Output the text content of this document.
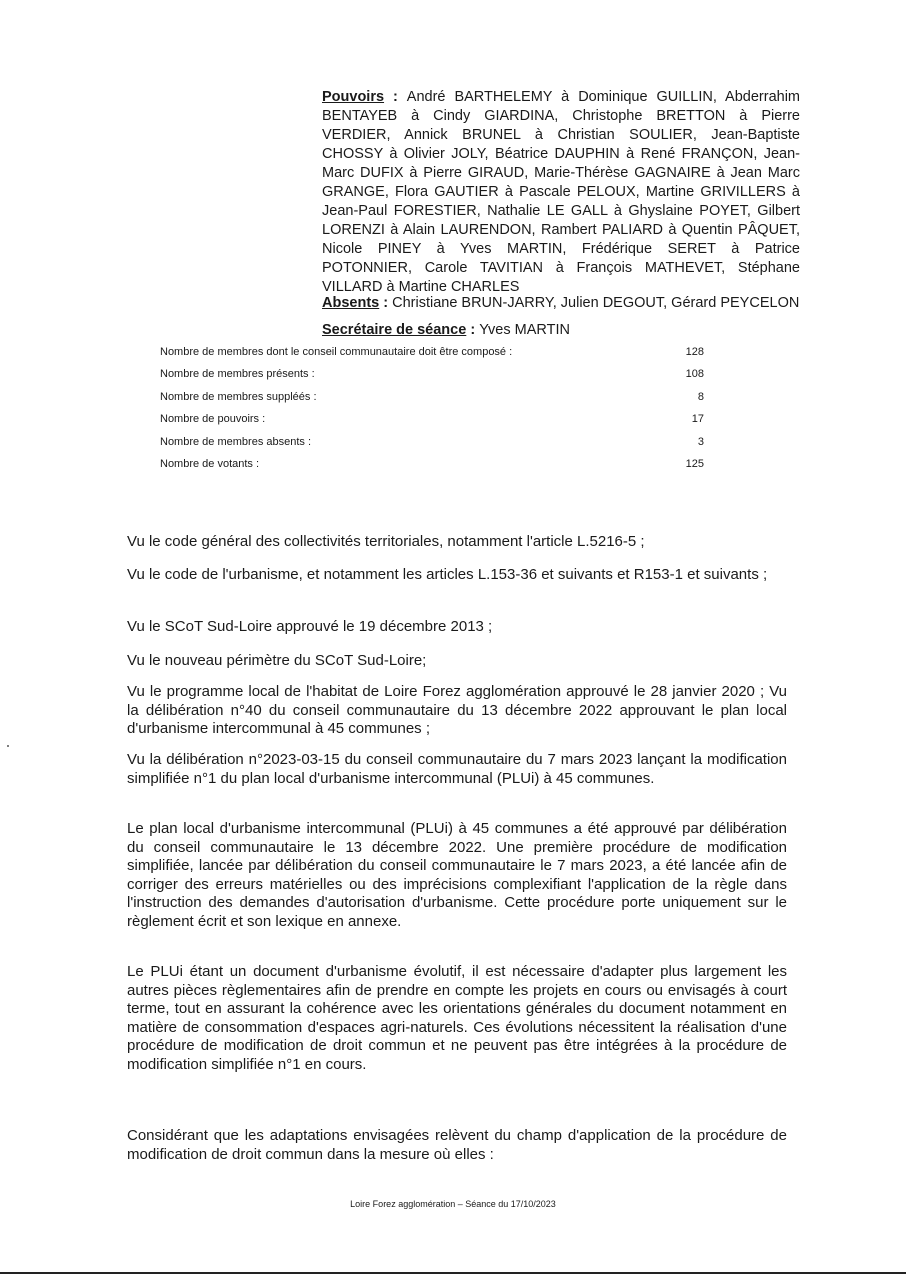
Pouvoirs : André BARTHELEMY à Dominique GUILLIN, Abderrahim BENTAYEB à Cindy GIARDINA, Christophe BRETTON à Pierre VERDIER, Annick BRUNEL à Christian SOULIER, Jean-Baptiste CHOSSY à Olivier JOLY, Béatrice DAUPHIN à René FRANÇON, Jean-Marc DUFIX à Pierre GIRAUD, Marie-Thérèse GAGNAIRE à Jean Marc GRANGE, Flora GAUTIER à Pascale PELOUX, Martine GRIVILLERS à Jean-Paul FORESTIER, Nathalie LE GALL à Ghyslaine POYET, Gilbert LORENZI à Alain LAURENDON, Rambert PALIARD à Quentin PÂQUET, Nicole PINEY à Yves MARTIN, Frédérique SERET à Patrice POTONNIER, Carole TAVITIAN à François MATHEVET, Stéphane VILLARD à Martine CHARLES
Absents : Christiane BRUN-JARRY, Julien DEGOUT, Gérard PEYCELON
Secrétaire de séance : Yves MARTIN
Nombre de membres dont le conseil communautaire doit être composé :	128
Nombre de membres présents :	108
Nombre de membres suppléés :	8
Nombre de pouvoirs :	17
Nombre de membres absents :	3
Nombre de votants :	125
Vu le code général des collectivités territoriales, notamment l'article L.5216-5 ;
Vu le code de l'urbanisme, et notamment les articles L.153-36 et suivants et R153-1 et suivants ;
Vu le SCoT Sud-Loire approuvé le 19 décembre 2013 ;
Vu le nouveau périmètre du SCoT Sud-Loire;
Vu le programme local de l'habitat de Loire Forez agglomération approuvé le 28 janvier 2020 ; Vu la délibération n°40 du conseil communautaire du 13 décembre 2022 approuvant le plan local d'urbanisme intercommunal à 45 communes ;
Vu la délibération n°2023-03-15 du conseil communautaire du 7 mars 2023 lançant la modification simplifiée n°1 du plan local d'urbanisme intercommunal (PLUi) à 45 communes.
Le plan local d'urbanisme intercommunal (PLUi) à 45 communes a été approuvé par délibération du conseil communautaire le 13 décembre 2022. Une première procédure de modification simplifiée, lancée par délibération du conseil communautaire le 7 mars 2023, a été lancée afin de corriger des erreurs matérielles ou des imprécisions complexifiant l'application de la règle dans l'instruction des demandes d'autorisation d'urbanisme. Cette procédure porte uniquement sur le règlement écrit et son lexique en annexe.
Le PLUi étant un document d'urbanisme évolutif, il est nécessaire d'adapter plus largement les autres pièces règlementaires afin de prendre en compte les projets en cours ou envisagés à court terme, tout en assurant la cohérence avec les orientations générales du document notamment en matière de consommation d'espaces agri-naturels. Ces évolutions nécessitent la réalisation d'une procédure de modification de droit commun et ne peuvent pas être intégrées à la procédure de modification simplifiée n°1 en cours.
Considérant que les adaptations envisagées relèvent du champ d'application de la procédure de modification de droit commun dans la mesure où elles :
Loire Forez agglomération – Séance du 17/10/2023
